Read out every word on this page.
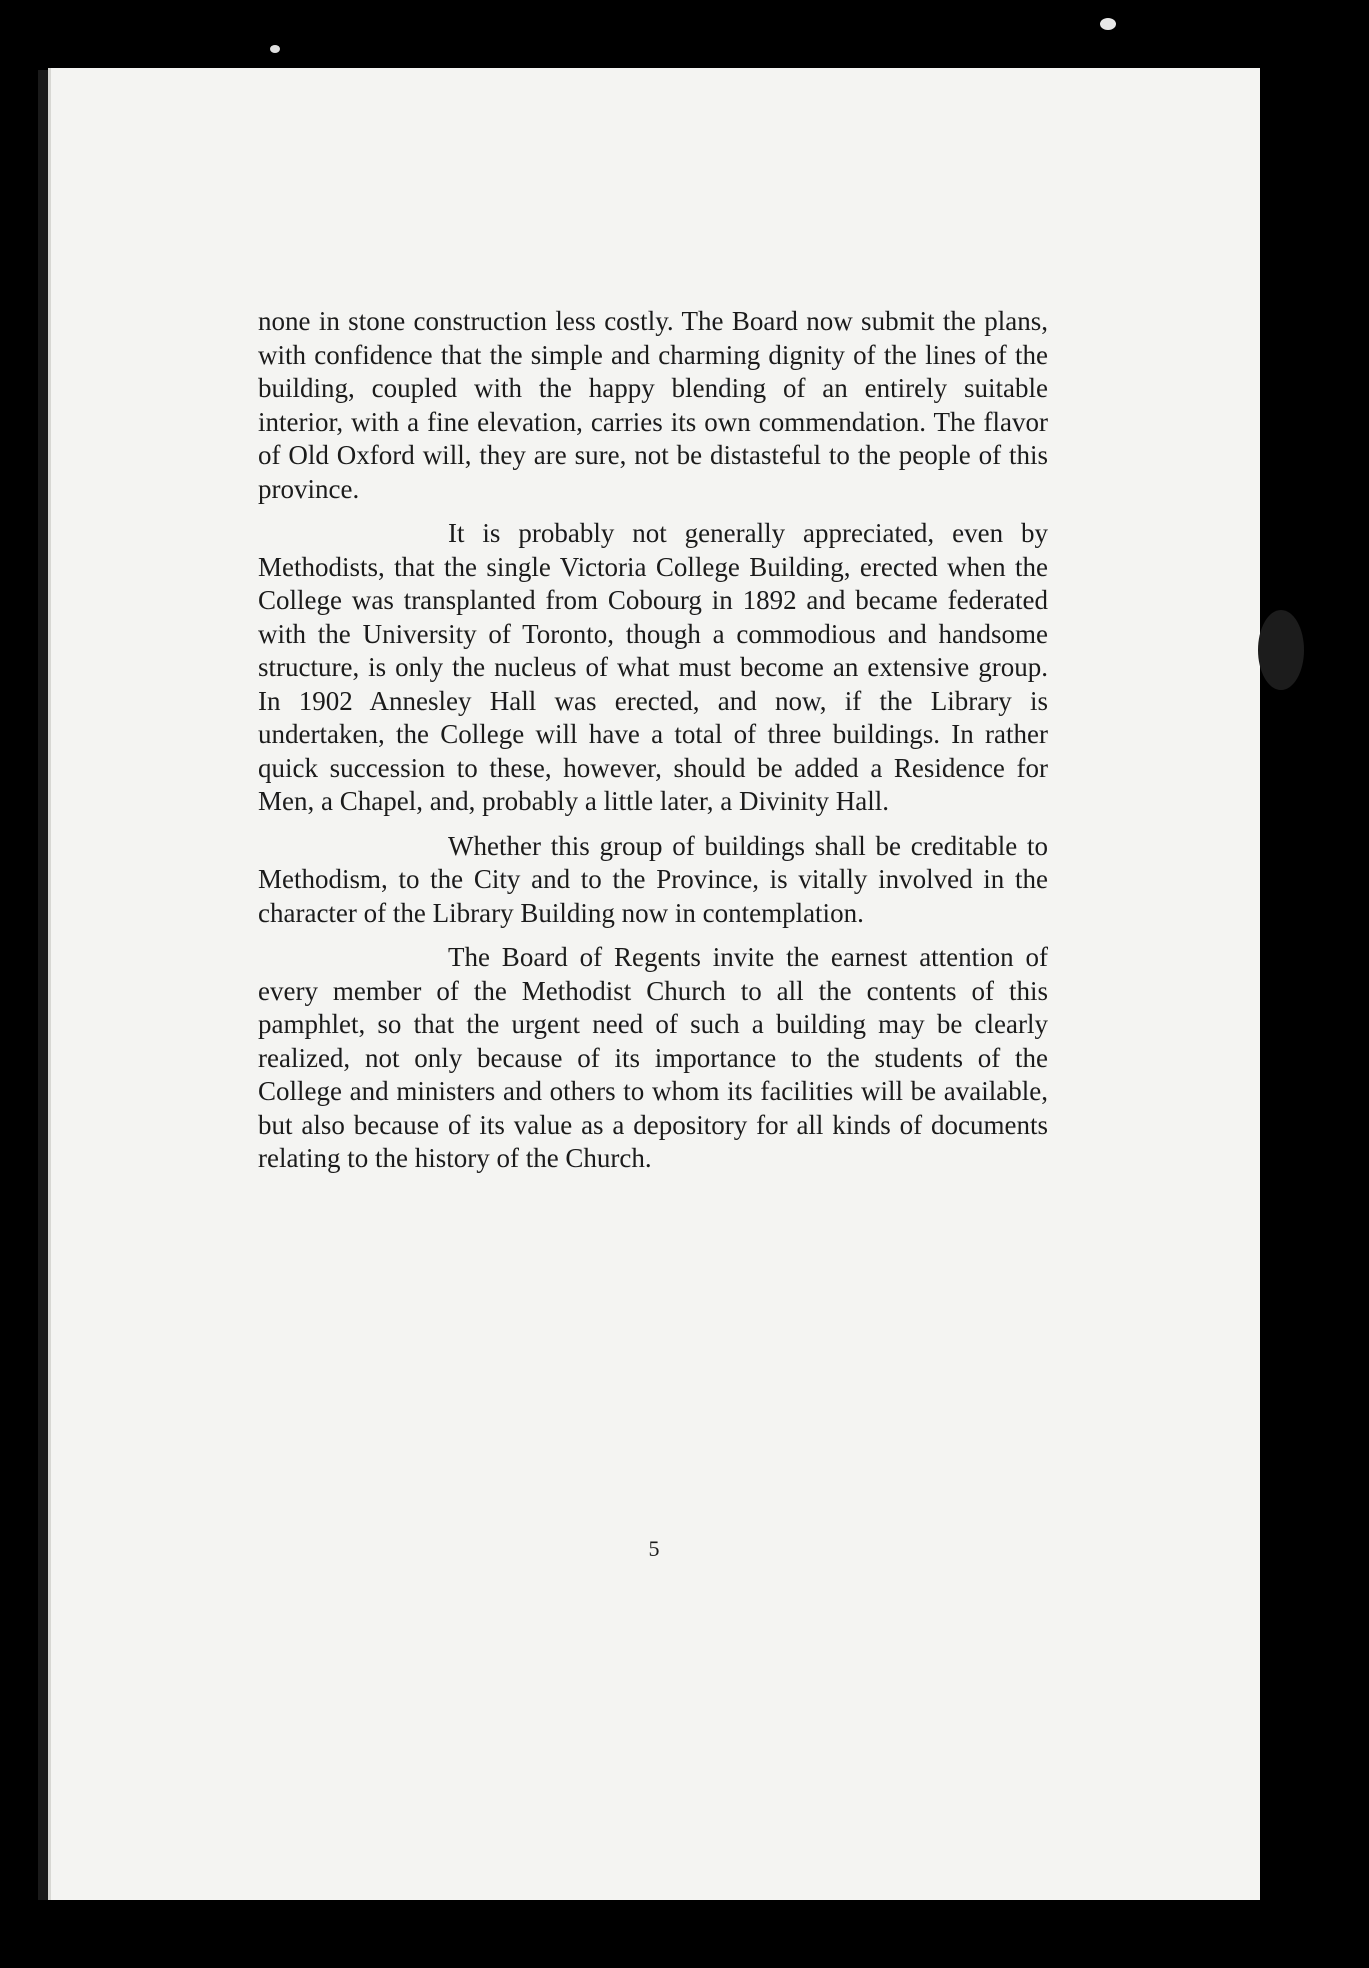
5

none in stone construction less costly. The Board now submit the plans, with confidence that the simple and charming dignity of the lines of the building, coupled with the happy blending of an entirely suitable interior, with a fine elevation, carries its own commendation. The flavor of Old Oxford will, they are sure, not be distasteful to the people of this province.

It is probably not generally appreciated, even by Methodists, that the single Victoria College Building, erected when the College was transplanted from Cobourg in 1892 and became federated with the University of Toronto, though a commodious and handsome structure, is only the nucleus of what must become an extensive group. In 1902 Annesley Hall was erected, and now, if the Library is undertaken, the College will have a total of three buildings. In rather quick succession to these, however, should be added a Residence for Men, a Chapel, and, probably a little later, a Divinity Hall.

Whether this group of buildings shall be creditable to Methodism, to the City and to the Province, is vitally involved in the character of the Library Building now in contemplation.

The Board of Regents invite the earnest attention of every member of the Methodist Church to all the contents of this pamphlet, so that the urgent need of such a building may be clearly realized, not only because of its importance to the students of the College and ministers and others to whom its facilities will be available, but also because of its value as a depository for all kinds of documents relating to the history of the Church.
